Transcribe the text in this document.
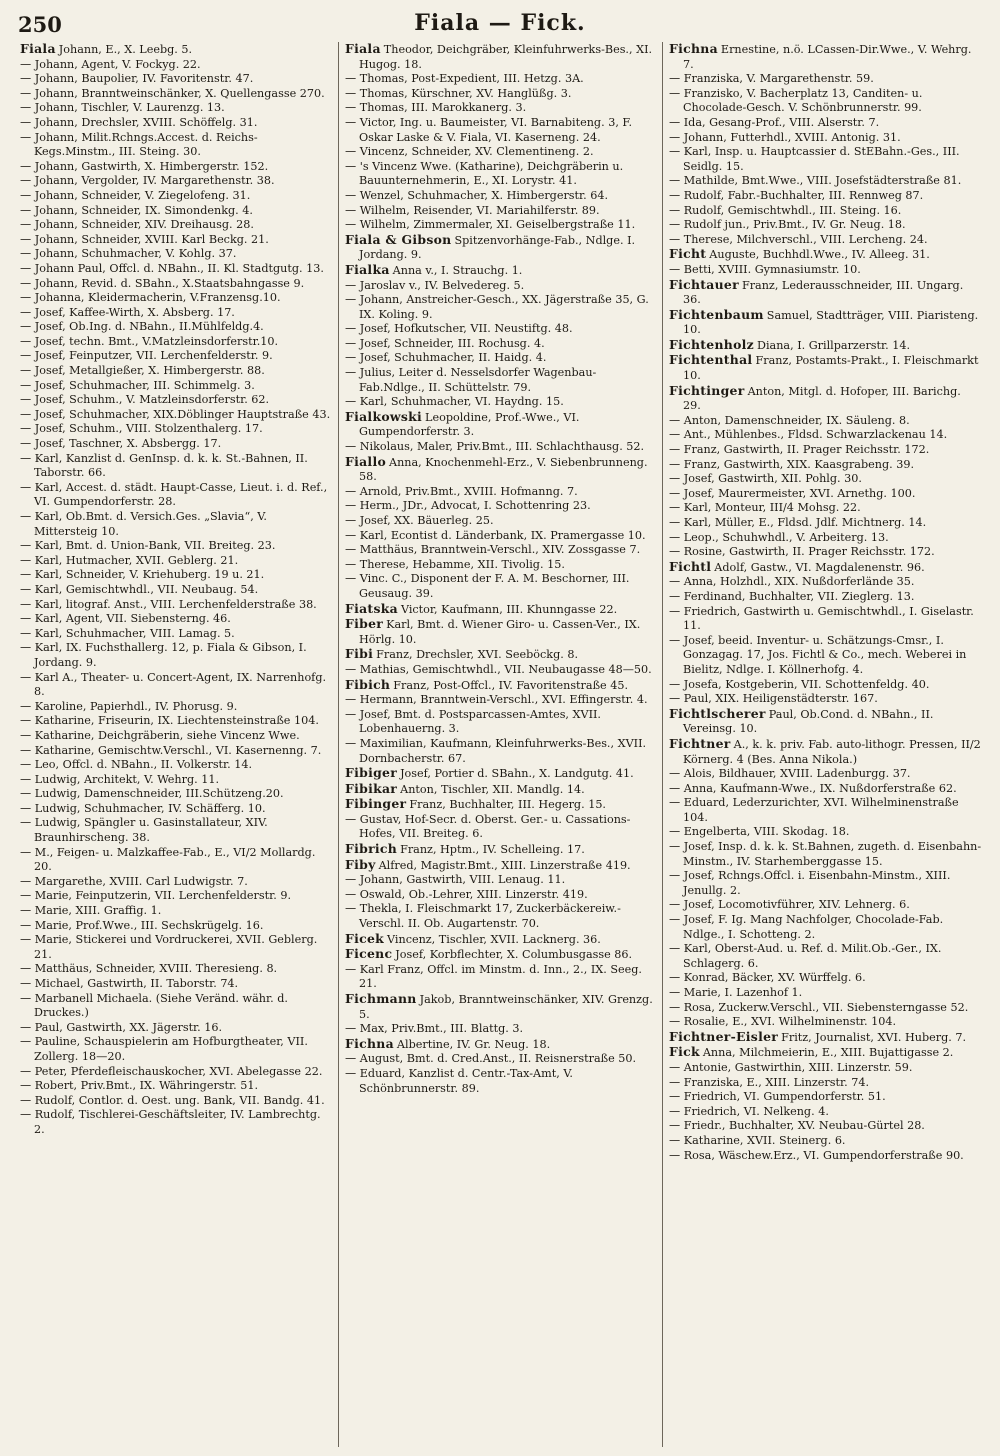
250	Fiala — Fick.

Fiala Johann, E., X. Leebg. 5.

— Johann, Agent, V. Fockyg. 22.

— Johann, Baupolier, IV. Favoritenstr. 47.

— Johann, Branntweinschänker, X. Quellengasse 270.

— Johann, Tischler, V. Laurenzg. 13.

— Johann, Drechsler, XVIII. Schöffelg. 31.

— Johann, Milit.Rchngs.Accest. d. Reichs-Kegs.Minstm., III. Steing. 30.

— Johann, Gastwirth, X. Himbergerstr. 152.

— Johann, Vergolder, IV. Margarethenstr. 38.

— Johann, Schneider, V. Ziegelofeng. 31.

— Johann, Schneider, IX. Simondenkg. 4.

— Johann, Schneider, XIV. Dreihausg. 28.

— Johann, Schneider, XVIII. Karl Beckg. 21.

— Johann, Schuhmacher, V. Kohlg. 37.

— Johann Paul, Offcl. d. NBahn., II. Kl. Stadtgutg. 13.

— Johann, Revid. d. SBahn., X.Staatsbahngasse 9.

— Johanna, Kleidermacherin, V.Franzensg.10.

— Josef, Kaffee-Wirth, X. Absberg. 17.

— Josef, Ob.Ing. d. NBahn., II.Mühlfeldg.4.

— Josef, techn. Bmt., V.Matzleinsdorferstr.10.

— Josef, Feinputzer, VII. Lerchenfelderstr. 9.

— Josef, Metallgießer, X. Himbergerstr. 88.

— Josef, Schuhmacher, III. Schimmelg. 3.

— Josef, Schuhm., V. Matzleinsdorferstr. 62.

— Josef, Schuhmacher, XIX.Döblinger Hauptstraße 43.

— Josef, Schuhm., VIII. Stolzenthalerg. 17.

— Josef, Taschner, X. Absbergg. 17.

— Karl, Kanzlist d. GenInsp. d. k. k. St.-Bahnen, II. Taborstr. 66.

— Karl, Accest. d. städt. Haupt-Casse, Lieut. i. d. Ref., VI. Gumpendorferstr. 28.

— Karl, Ob.Bmt. d. Versich.Ges. „Slavia“, V. Mittersteig 10.

— Karl, Bmt. d. Union-Bank, VII. Breiteg. 23.

— Karl, Hutmacher, XVII. Geblerg. 21.

— Karl, Schneider, V. Kriehuberg. 19 u. 21.

— Karl, Gemischtwhdl., VII. Neubaug. 54.

— Karl, litograf. Anst., VIII. Lerchenfelderstraße 38.

— Karl, Agent, VII. Siebensterng. 46.

— Karl, Schuhmacher, VIII. Lamag. 5.

— Karl, IX. Fuchsthallerg. 12, p. Fiala & Gibson, I. Jordang. 9.

— Karl A., Theater- u. Concert-Agent, IX. Narrenhofg. 8.

— Karoline, Papierhdl., IV. Phorusg. 9.

— Katharine, Friseurin, IX. Liechtensteinstraße 104.

— Katharine, Deichgräberin, siehe Vincenz Wwe.

— Katharine, Gemischtw.Verschl., VI. Kasernenng. 7.

— Leo, Offcl. d. NBahn., II. Volkerstr. 14.

— Ludwig, Architekt, V. Wehrg. 11.

— Ludwig, Damenschneider, III.Schützeng.20.

— Ludwig, Schuhmacher, IV. Schäfferg. 10.

— Ludwig, Spängler u. Gasinstallateur, XIV. Braunhirscheng. 38.

— M., Feigen- u. Malzkaffee-Fab., E., VI/2 Mollardg. 20.

— Margarethe, XVIII. Carl Ludwigstr. 7.

— Marie, Feinputzerin, VII. Lerchenfelderstr. 9.

— Marie, XIII. Graffig. 1.

— Marie, Prof.Wwe., III. Sechskrügelg. 16.

— Marie, Stickerei und Vordruckerei, XVII. Geblerg. 21.

— Matthäus, Schneider, XVIII. Theresieng. 8.

— Michael, Gastwirth, II. Taborstr. 74.

— Marbanell Michaela. (Siehe Veränd. währ. d. Druckes.)

— Paul, Gastwirth, XX. Jägerstr. 16.

— Pauline, Schauspielerin am Hofburgtheater, VII. Zollerg. 18—20.

— Peter, Pferdefleischauskocher, XVI. Abelegasse 22.

— Robert, Priv.Bmt., IX. Währingerstr. 51.

— Rudolf, Contlor. d. Oest. ung. Bank, VII. Bandg. 41.

— Rudolf, Tischlerei-Geschäftsleiter, IV. Lambrechtg. 2.

Fiala Theodor, Deichgräber, Kleinfuhrwerks-Bes., XI. Hugog. 18.

— Thomas, Post-Expedient, III. Hetzg. 3A.

— Thomas, Kürschner, XV. Hanglüßg. 3.

— Thomas, III. Marokkanerg. 3.

— Victor, Ing. u. Baumeister, VI. Barnabiteng. 3, F. Oskar Laske & V. Fiala, VI. Kaserneng. 24.

— Vincenz, Schneider, XV. Clementineng. 2.

— 's Vincenz Wwe. (Katharine), Deichgräberin u. Bauunternehmerin, E., XI. Lorystr. 41.

— Wenzel, Schuhmacher, X. Himbergerstr. 64.

— Wilhelm, Reisender, VI. Mariahilferstr. 89.

— Wilhelm, Zimmermaler, XI. Geiselbergstraße 11.

Fiala & Gibson Spitzenvorhänge-Fab., Ndlge. I. Jordang. 9.

Fialka Anna v., I. Strauchg. 1.

— Jaroslav v., IV. Belvedereg. 5.

— Johann, Anstreicher-Gesch., XX. Jägerstraße 35, G. IX. Koling. 9.

— Josef, Hofkutscher, VII. Neustiftg. 48.

— Josef, Schneider, III. Rochusg. 4.

— Josef, Schuhmacher, II. Haidg. 4.

— Julius, Leiter d. Nesselsdorfer Wagenbau-Fab.Ndlge., II. Schüttelstr. 79.

— Karl, Schuhmacher, VI. Haydng. 15.

Fialkowski Leopoldine, Prof.-Wwe., VI. Gumpendorferstr. 3.

— Nikolaus, Maler, Priv.Bmt., III. Schlachthausg. 52.

Fiallo Anna, Knochenmehl-Erz., V. Siebenbrunneng. 58.

— Arnold, Priv.Bmt., XVIII. Hofmanng. 7.

— Herm., JDr., Advocat, I. Schottenring 23.

— Josef, XX. Bäuerleg. 25.

— Karl, Econtist d. Länderbank, IX. Pramergasse 10.

— Matthäus, Branntwein-Verschl., XIV. Zossgasse 7.

— Therese, Hebamme, XII. Tivolig. 15.

— Vinc. C., Disponent der F. A. M. Beschorner, III. Geusaug. 39.

Fiatska Victor, Kaufmann, III. Khunngasse 22.

Fiber Karl, Bmt. d. Wiener Giro- u. Cassen-Ver., IX. Hörlg. 10.

Fibi Franz, Drechsler, XVI. Seeböckg. 8.

— Mathias, Gemischtwhdl., VII. Neubaugasse 48—50.

Fibich Franz, Post-Offcl., IV. Favoritenstraße 45.

— Hermann, Branntwein-Verschl., XVI. Effingerstr. 4.

— Josef, Bmt. d. Postsparcassen-Amtes, XVII. Lobenhauerng. 3.

— Maximilian, Kaufmann, Kleinfuhrwerks-Bes., XVII. Dornbacherstr. 67.

Fibiger Josef, Portier d. SBahn., X. Landgutg. 41.

Fibikar Anton, Tischler, XII. Mandlg. 14.

Fibinger Franz, Buchhalter, III. Hegerg. 15.

— Gustav, Hof-Secr. d. Oberst. Ger.- u. Cassations-Hofes, VII. Breiteg. 6.

Fibrich Franz, Hptm., IV. Schelleing. 17.

Fiby Alfred, Magistr.Bmt., XIII. Linzerstraße 419.

— Johann, Gastwirth, VIII. Lenaug. 11.

— Oswald, Ob.-Lehrer, XIII. Linzerstr. 419.

— Thekla, I. Fleischmarkt 17, Zuckerbäckereiw.-Verschl. II. Ob. Augartenstr. 70.

Ficek Vincenz, Tischler, XVII. Lacknerg. 36.

Ficenc Josef, Korbflechter, X. Columbusgasse 86.

— Karl Franz, Offcl. im Minstm. d. Inn., 2., IX. Seeg. 21.

Fichmann Jakob, Branntweinschänker, XIV. Grenzg. 5.

— Max, Priv.Bmt., III. Blattg. 3.

Fichna Albertine, IV. Gr. Neug. 18.

— August, Bmt. d. Cred.Anst., II. Reisnerstraße 50.

— Eduard, Kanzlist d. Centr.-Tax-Amt, V. Schönbrunnerstr. 89.

Fichna Ernestine, n.ö. LCassen-Dir.Wwe., V. Wehrg. 7.

— Franziska, V. Margarethenstr. 59.

— Franzisko, V. Bacherplatz 13, Canditen- u. Chocolade-Gesch. V. Schönbrunnerstr. 99.

— Ida, Gesang-Prof., VIII. Alserstr. 7.

— Johann, Futterhdl., XVIII. Antonig. 31.

— Karl, Insp. u. Hauptcassier d. StEBahn.-Ges., III. Seidlg. 15.

— Mathilde, Bmt.Wwe., VIII. Josefstädterstraße 81.

— Rudolf, Fabr.-Buchhalter, III. Rennweg 87.

— Rudolf, Gemischtwhdl., III. Steing. 16.

— Rudolf jun., Priv.Bmt., IV. Gr. Neug. 18.

— Therese, Milchverschl., VIII. Lercheng. 24.

Ficht Auguste, Buchhdl.Wwe., IV. Alleeg. 31.

— Betti, XVIII. Gymnasiumstr. 10.

Fichtauer Franz, Lederausschneider, III. Ungarg. 36.

Fichtenbaum Samuel, Stadtträger, VIII. Piaristeng. 10.

Fichtenholz Diana, I. Grillparzerstr. 14.

Fichtenthal Franz, Postamts-Prakt., I. Fleischmarkt 10.

Fichtinger Anton, Mitgl. d. Hofoper, III. Barichg. 29.

— Anton, Damenschneider, IX. Säuleng. 8.

— Ant., Mühlenbes., Fldsd. Schwarzlackenau 14.

— Franz, Gastwirth, II. Prager Reichsstr. 172.

— Franz, Gastwirth, XIX. Kaasgrabeng. 39.

— Josef, Gastwirth, XII. Pohlg. 30.

— Josef, Maurermeister, XVI. Arnethg. 100.

— Karl, Monteur, III/4 Mohsg. 22.

— Karl, Müller, E., Fldsd. Jdlf. Michtnerg. 14.

— Leop., Schuhwhdl., V. Arbeiterg. 13.

— Rosine, Gastwirth, II. Prager Reichsstr. 172.

Fichtl Adolf, Gastw., VI. Magdalenenstr. 96.

— Anna, Holzhdl., XIX. Nußdorferlände 35.

— Ferdinand, Buchhalter, VII. Zieglerg. 13.

— Friedrich, Gastwirth u. Gemischtwhdl., I. Giselastr. 11.

— Josef, beeid. Inventur- u. Schätzungs-Cmsr., I. Gonzagag. 17, Jos. Fichtl & Co., mech. Weberei in Bielitz, Ndlge. I. Köllnerhofg. 4.

— Josefa, Kostgeberin, VII. Schottenfeldg. 40.

— Paul, XIX. Heiligenstädterstr. 167.

Fichtlscherer Paul, Ob.Cond. d. NBahn., II. Vereinsg. 10.

Fichtner A., k. k. priv. Fab. auto-lithogr. Pressen, II/2 Körnerg. 4 (Bes. Anna Nikola.)

— Alois, Bildhauer, XVIII. Ladenburgg. 37.

— Anna, Kaufmann-Wwe., IX. Nußdorferstraße 62.

— Eduard, Lederzurichter, XVI. Wilhelminenstraße 104.

— Engelberta, VIII. Skodag. 18.

— Josef, Insp. d. k. k. St.Bahnen, zugeth. d. Eisenbahn-Minstm., IV. Starhemberggasse 15.

— Josef, Rchngs.Offcl. i. Eisenbahn-Minstm., XIII. Jenullg. 2.

— Josef, Locomotivführer, XIV. Lehnerg. 6.

— Josef, F. Ig. Mang Nachfolger, Chocolade-Fab. Ndlge., I. Schotteng. 2.

— Karl, Oberst-Aud. u. Ref. d. Milit.Ob.-Ger., IX. Schlagerg. 6.

— Konrad, Bäcker, XV. Würffelg. 6.

— Marie, I. Lazenhof 1.

— Rosa, Zuckerw.Verschl., VII. Siebensterngasse 52.

— Rosalie, E., XVI. Wilhelminenstr. 104.

Fichtner-Eisler Fritz, Journalist, XVI. Huberg. 7.

Fick Anna, Milchmeierin, E., XIII. Bujattigasse 2.

— Antonie, Gastwirthin, XIII. Linzerstr. 59.

— Franziska, E., XIII. Linzerstr. 74.

— Friedrich, VI. Gumpendorferstr. 51.

— Friedrich, VI. Nelkeng. 4.

— Friedr., Buchhalter, XV. Neubau-Gürtel 28.

— Katharine, XVII. Steinerg. 6.

— Rosa, Wäschew.Erz., VI. Gumpendorferstraße 90.
